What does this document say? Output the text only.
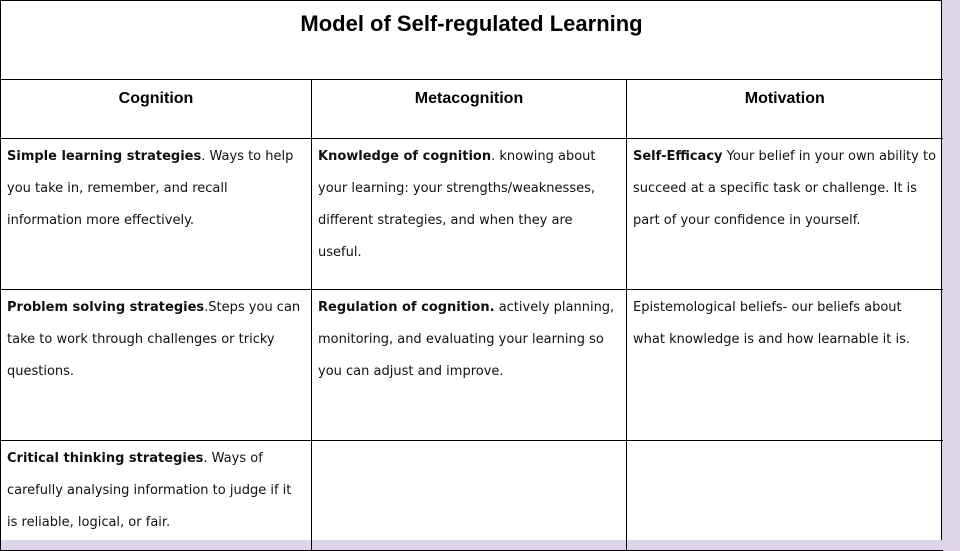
Model of Self-regulated Learning
Cognition	Metacognition	Motivation

Simple learning strategies. Ways to help you take in, remember, and recall information more effectively.	Knowledge of cognition. knowing about your learning: your strengths/weaknesses, different strategies, and when they are useful.	Self-Efficacy Your belief in your own ability to succeed at a specific task or challenge. It is part of your confidence in yourself.

Problem solving strategies.Steps you can take to work through challenges or tricky questions.	Regulation of cognition. actively planning, monitoring, and evaluating your learning so you can adjust and improve.	Epistemological beliefs- our beliefs about what knowledge is and how learnable it is.

Critical thinking strategies. Ways of carefully analysing information to judge if it is reliable, logical, or fair.		
